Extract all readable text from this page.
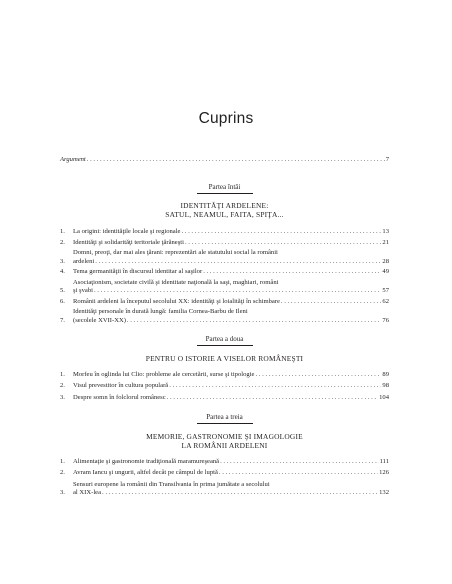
Cuprins
Argument . . .	7
Partea întâi
IDENTITĂŢI ARDELENE:
SATUL, NEAMUL, FAITA, SPIŢA...
1.	La origini: identităţile locale şi regionale . . .	13
2.	Identităţi şi solidarităţi teritoriale ţărăneşti . . .	21
3.
Domni, preoţi, dar mai ales ţărani: reprezentări ale statutului social la românii
ardeleni . . .	28
4.	Tema germanităţii în discursul identitar al saşilor . . .	49
5.
Asociaţionism, societate civilă şi identitate naţională la saşi, maghiari, români
şi şvabi . . .	57
6.	Românii ardeleni la începutul secolului XX: identităţi şi loialităţi în schimbare . . .	62
7.
Identităţi personale în durată lungă: familia Cornea-Barbu de Ileni
(secolele XVII-XX) . . .	76
Partea a doua
PENTRU O ISTORIE A VISELOR ROMÂNEŞTI
1.	Morfeu în oglinda lui Clio: probleme ale cercetării, surse şi tipologie . . .	89
2.	Visul prevestitor în cultura populară . . .	98
3.	Despre somn în folclorul românesc . . .	104
Partea a treia
MEMORIE, GASTRONOMIE ŞI IMAGOLOGIE
LA ROMÂNII ARDELENI
1.	Alimentaţie şi gastronomie tradiţională maramureşeană . . .	111
2.	Avram Iancu şi ungurii, altfel decât pe câmpul de luptă . . .	126
3.
Sensuri europene la românii din Transilvania în prima jumătate a secolului
al XIX-lea . . .	132
